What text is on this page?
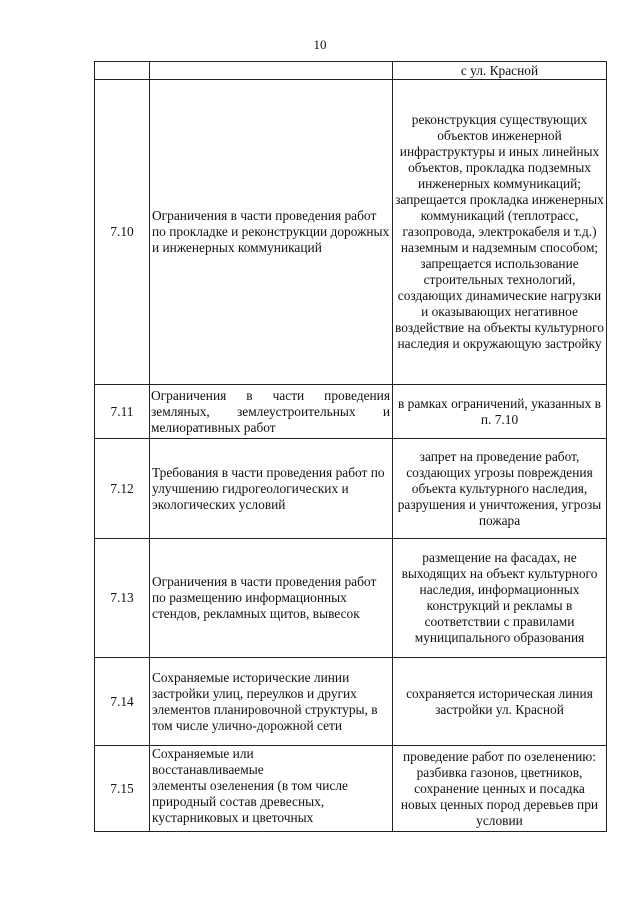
10
		с ул. Красной
7.10	Ограничения в части проведения работ по прокладке и реконструкции дорожных и инженерных коммуникаций	реконструкция существующих объектов инженерной инфраструктуры и иных линейных объектов, прокладка подземных инженерных коммуникаций; запрещается прокладка инженерных коммуникаций (теплотрасс, газопровода, электрокабеля и т.д.) наземным и надземным способом; запрещается использование строительных технологий, создающих динамические нагрузки и оказывающих негативное воздействие на объекты культурного наследия и окружающую застройку
7.11	Ограничения в части проведения
земляных, землеустроительных и
мелиоративных работ	в рамках ограничений, указанных в п. 7.10
7.12	Требования в части проведения работ по улучшению гидрогеологических и экологических условий	запрет на проведение работ, создающих угрозы повреждения объекта культурного наследия, разрушения и уничтожения, угрозы пожара
7.13	Ограничения в части проведения работ по размещению информационных стендов, рекламных щитов, вывесок	размещение на фасадах, не выходящих на объект культурного наследия, информационных конструкций и рекламы в соответствии с правилами муниципального образования
7.14	Сохраняемые исторические линии застройки улиц, переулков и других элементов планировочной структуры, в том числе улично-дорожной сети	сохраняется историческая линия застройки ул. Красной
7.15	Сохраняемые или
восстанавливаемые
элементы озеленения (в том числе
природный состав древесных,
кустарниковых и цветочных	проведение работ по озеленению: разбивка газонов, цветников, сохранение ценных и посадка новых ценных пород деревьев при условии
